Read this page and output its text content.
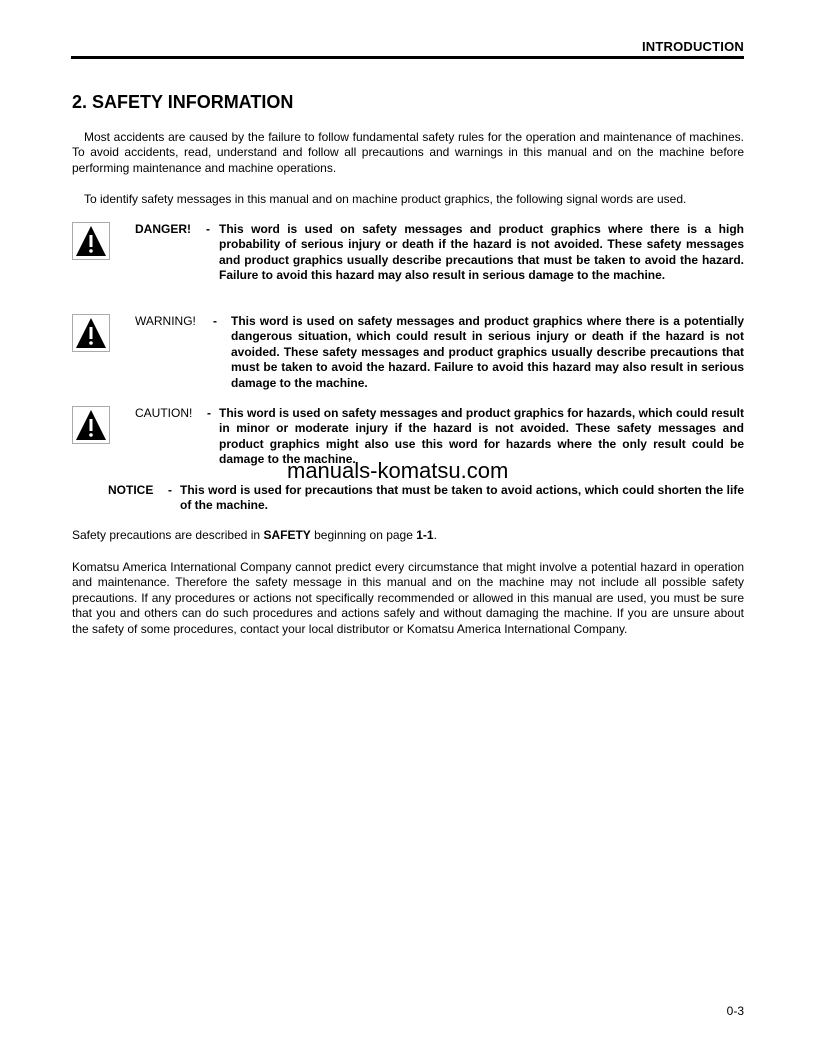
INTRODUCTION
2. SAFETY INFORMATION
Most accidents are caused by the failure to follow fundamental safety rules for the operation and maintenance of machines. To avoid accidents, read, understand and follow all precautions and warnings in this manual and on the machine before performing maintenance and machine operations.
To identify safety messages in this manual and on machine product graphics, the following signal words are used.
DANGER! - This word is used on safety messages and product graphics where there is a high probability of serious injury or death if the hazard is not avoided. These safety messages and product graphics usually describe precautions that must be taken to avoid the hazard. Failure to avoid this hazard may also result in serious damage to the machine.
WARNING! - This word is used on safety messages and product graphics where there is a potentially dangerous situation, which could result in serious injury or death if the hazard is not avoided. These safety messages and product graphics usually describe precautions that must be taken to avoid the hazard. Failure to avoid this hazard may also result in serious damage to the machine.
CAUTION! - This word is used on safety messages and product graphics for hazards, which could result in minor or moderate injury if the hazard is not avoided. These safety messages and product graphics might also use this word for hazards where the only result could be damage to the machine.
NOTICE - This word is used for precautions that must be taken to avoid actions, which could shorten the life of the machine.
manuals-komatsu.com
Safety precautions are described in SAFETY beginning on page 1-1.
Komatsu America International Company cannot predict every circumstance that might involve a potential hazard in operation and maintenance. Therefore the safety message in this manual and on the machine may not include all possible safety precautions. If any procedures or actions not specifically recommended or allowed in this manual are used, you must be sure that you and others can do such procedures and actions safely and without damaging the machine. If you are unsure about the safety of some procedures, contact your local distributor or Komatsu America International Company.
0-3
